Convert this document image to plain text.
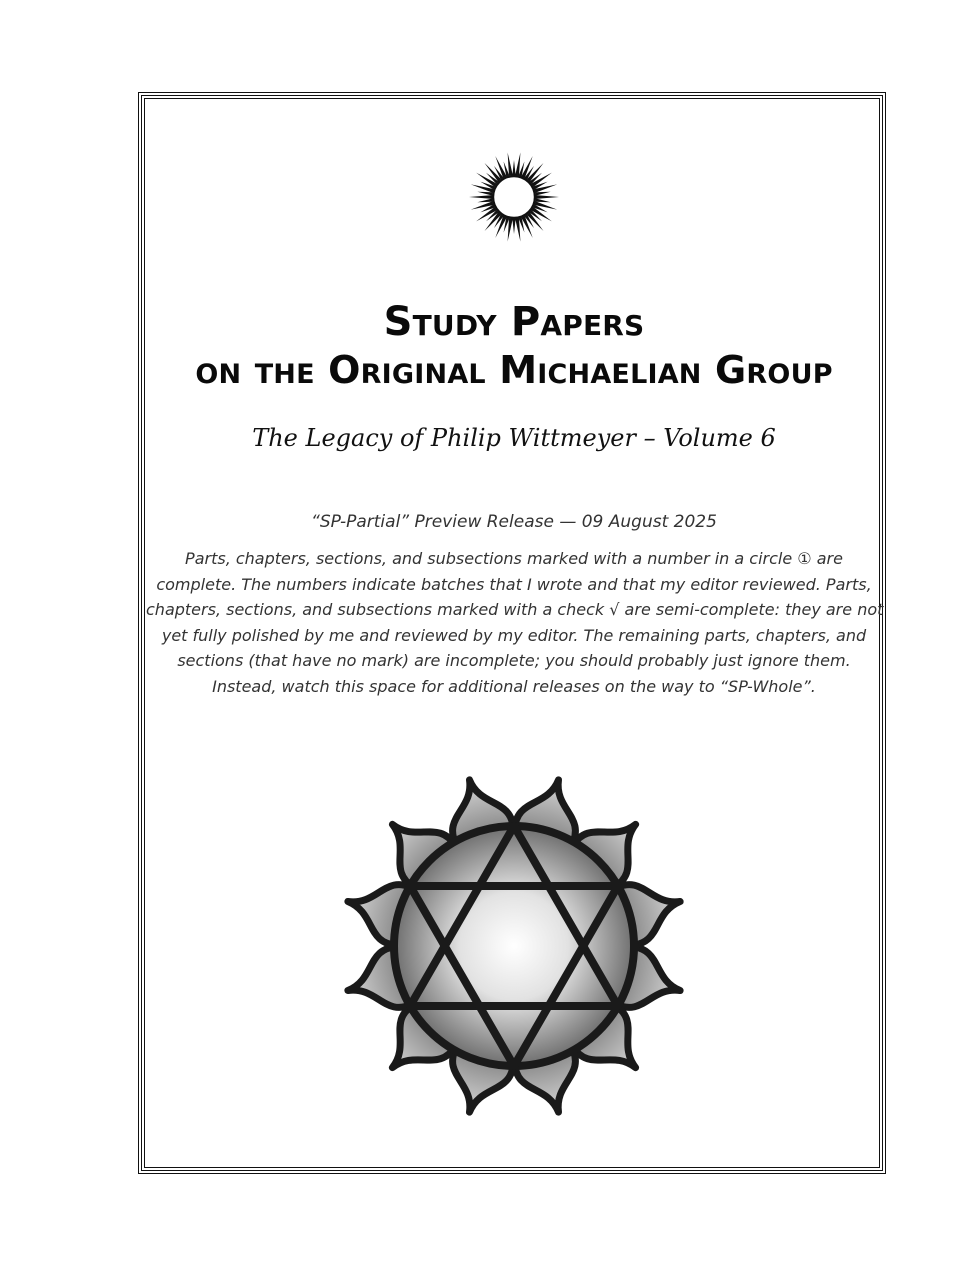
Study Papers
on the Original Michaelian Group
The Legacy of Philip Wittmeyer – Volume 6
“SP-Partial” Preview Release — 09 August 2025
Parts, chapters, sections, and subsections marked with a number in a circle ① are
complete. The numbers indicate batches that I wrote and that my editor reviewed. Parts,
chapters, sections, and subsections marked with a check √ are semi-complete: they are not
yet fully polished by me and reviewed by my editor. The remaining parts, chapters, and
sections (that have no mark) are incomplete; you should probably just ignore them.
Instead, watch this space for additional releases on the way to “SP-Whole”.
